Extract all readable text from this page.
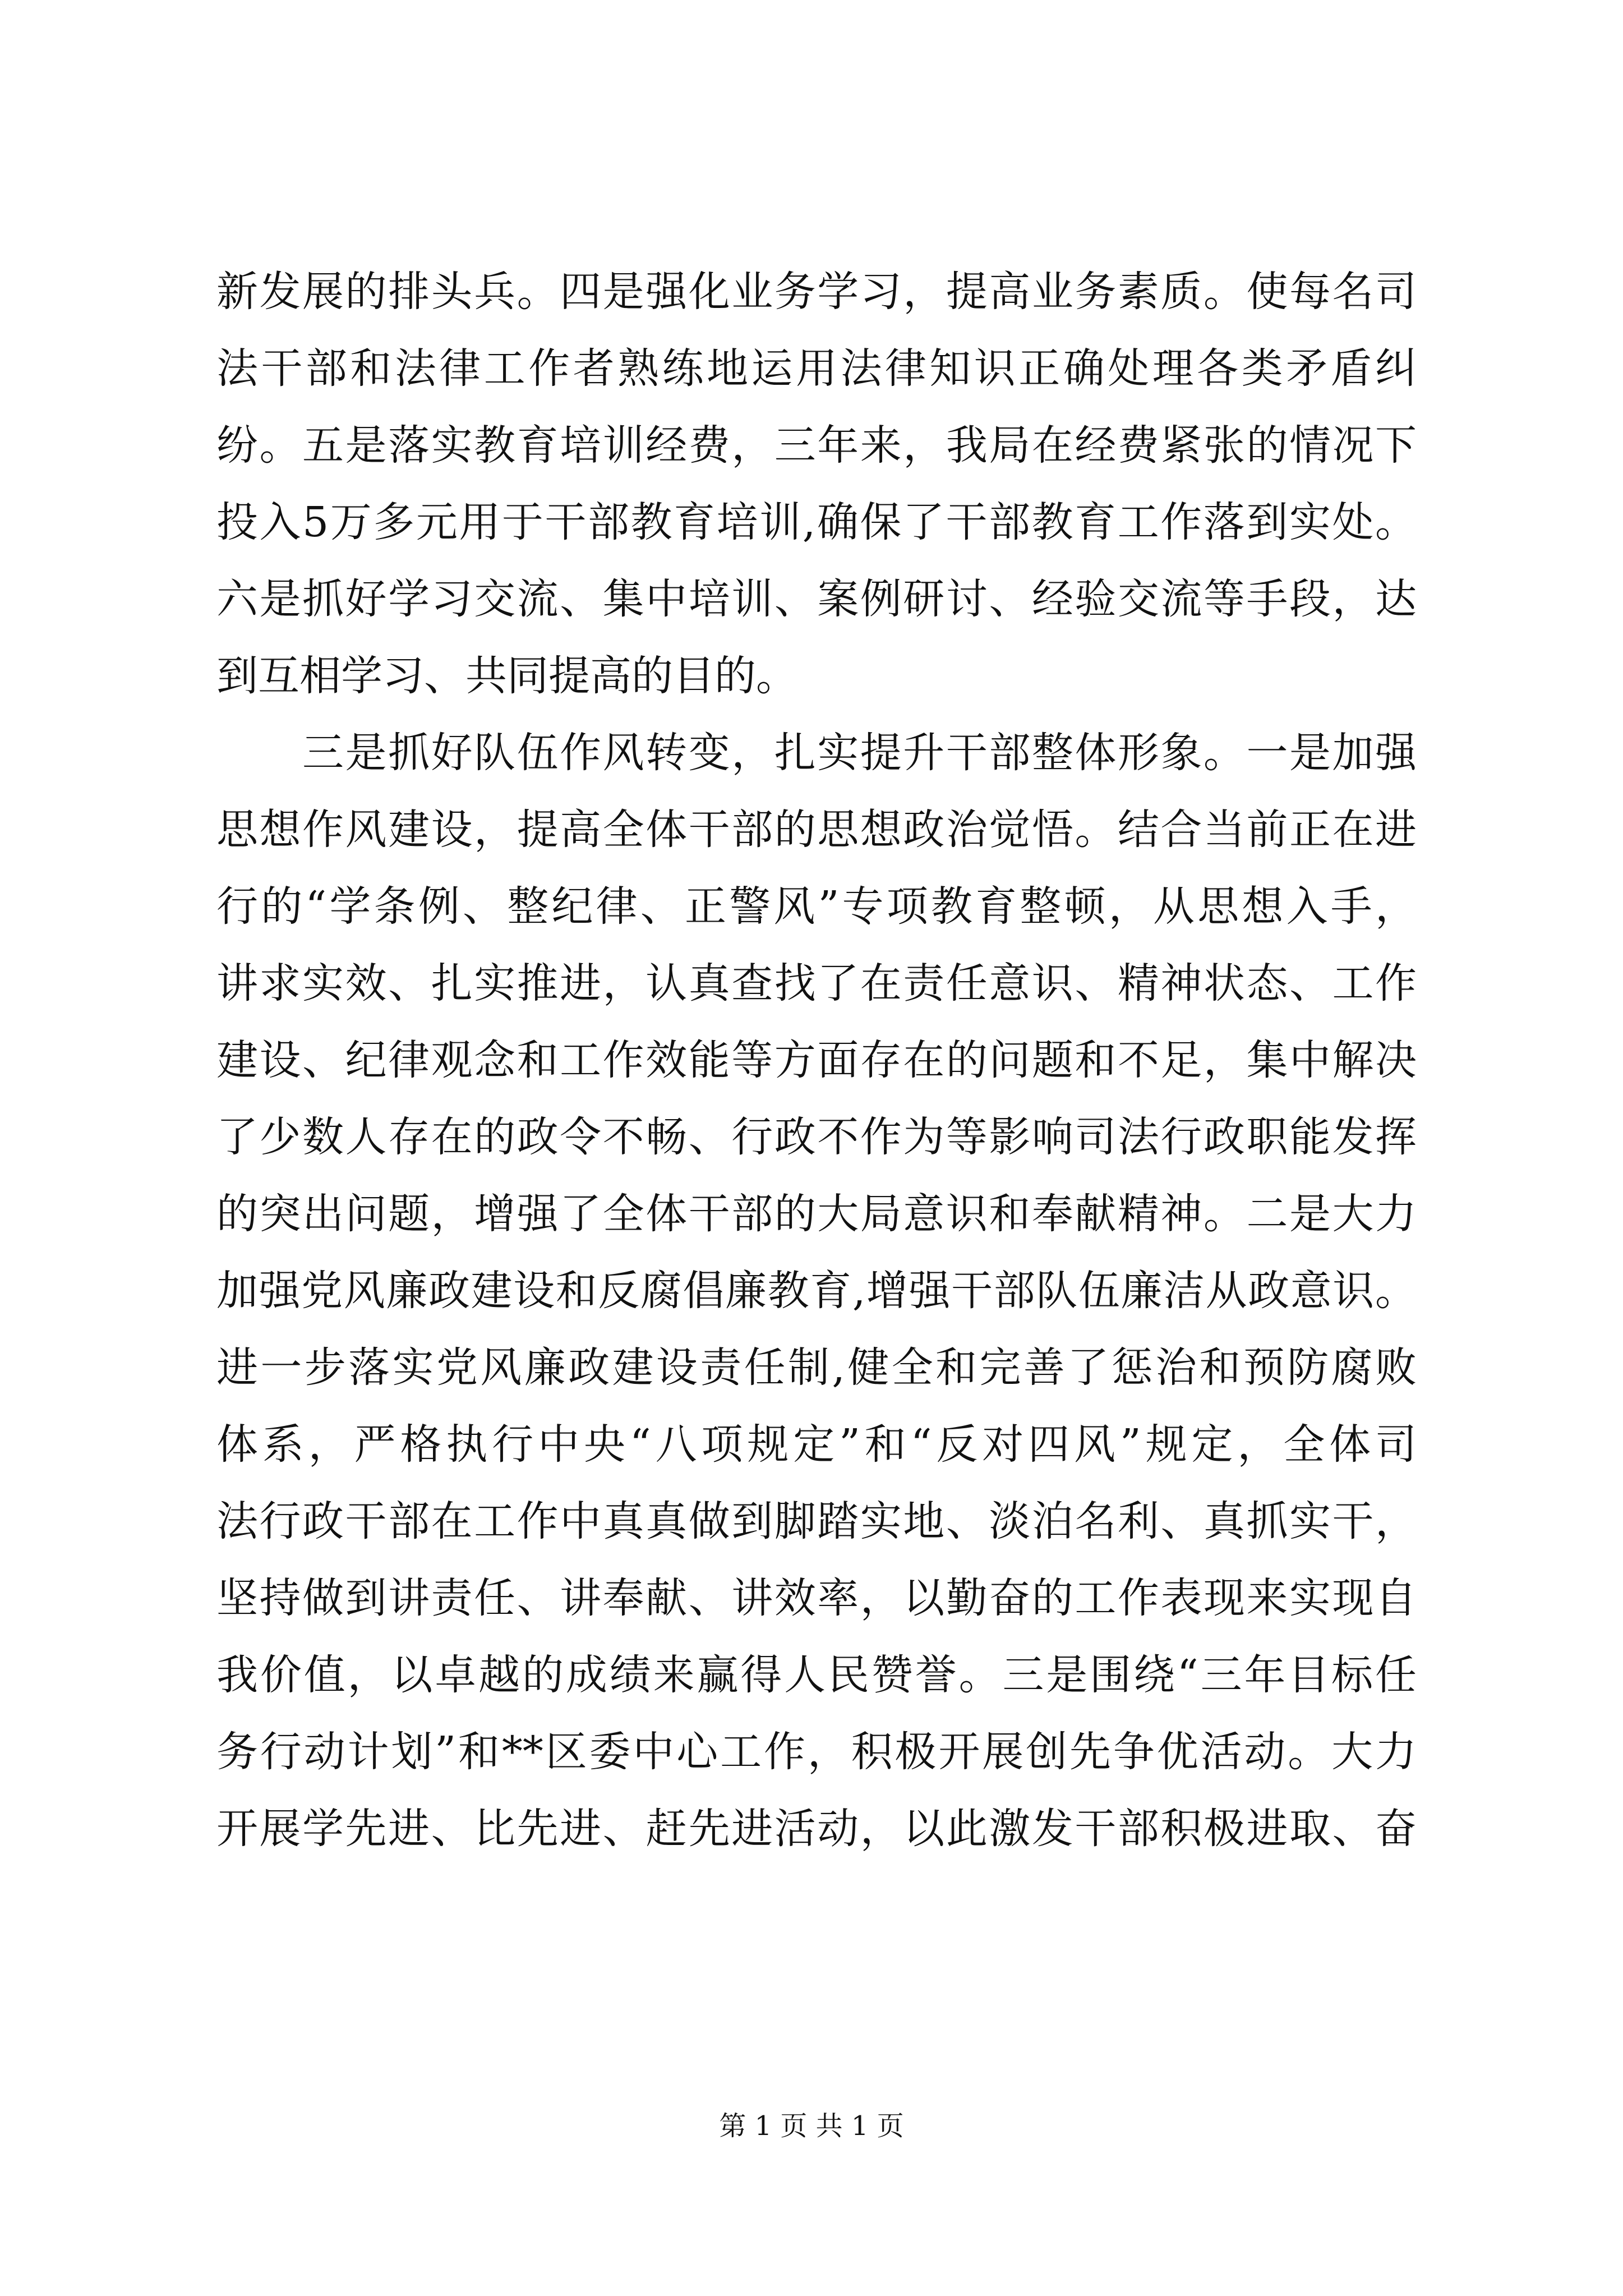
新发展的排头兵。四是强化业务学习，提高业务素质。使每名司
法干部和法律工作者熟练地运用法律知识正确处理各类矛盾纠
纷。五是落实教育培训经费，三年来，我局在经费紧张的情况下
投入5万多元用于干部教育培训,确保了干部教育工作落到实处。
六是抓好学习交流、集中培训、案例研讨、经验交流等手段，达
到互相学习、共同提高的目的。
　　三是抓好队伍作风转变，扎实提升干部整体形象。一是加强
思想作风建设，提高全体干部的思想政治觉悟。结合当前正在进
行的“学条例、整纪律、正警风”专项教育整顿，从思想入手，
讲求实效、扎实推进，认真查找了在责任意识、精神状态、工作
建设、纪律观念和工作效能等方面存在的问题和不足，集中解决
了少数人存在的政令不畅、行政不作为等影响司法行政职能发挥
的突出问题，增强了全体干部的大局意识和奉献精神。二是大力
加强党风廉政建设和反腐倡廉教育,增强干部队伍廉洁从政意识。
进一步落实党风廉政建设责任制,健全和完善了惩治和预防腐败
体系，严格执行中央“八项规定”和“反对四风”规定，全体司
法行政干部在工作中真真做到脚踏实地、淡泊名利、真抓实干，
坚持做到讲责任、讲奉献、讲效率，以勤奋的工作表现来实现自
我价值，以卓越的成绩来赢得人民赞誉。三是围绕“三年目标任
务行动计划”和**区委中心工作，积极开展创先争优活动。大力
开展学先进、比先进、赶先进活动，以此激发干部积极进取、奋
第 1 页 共 1 页
